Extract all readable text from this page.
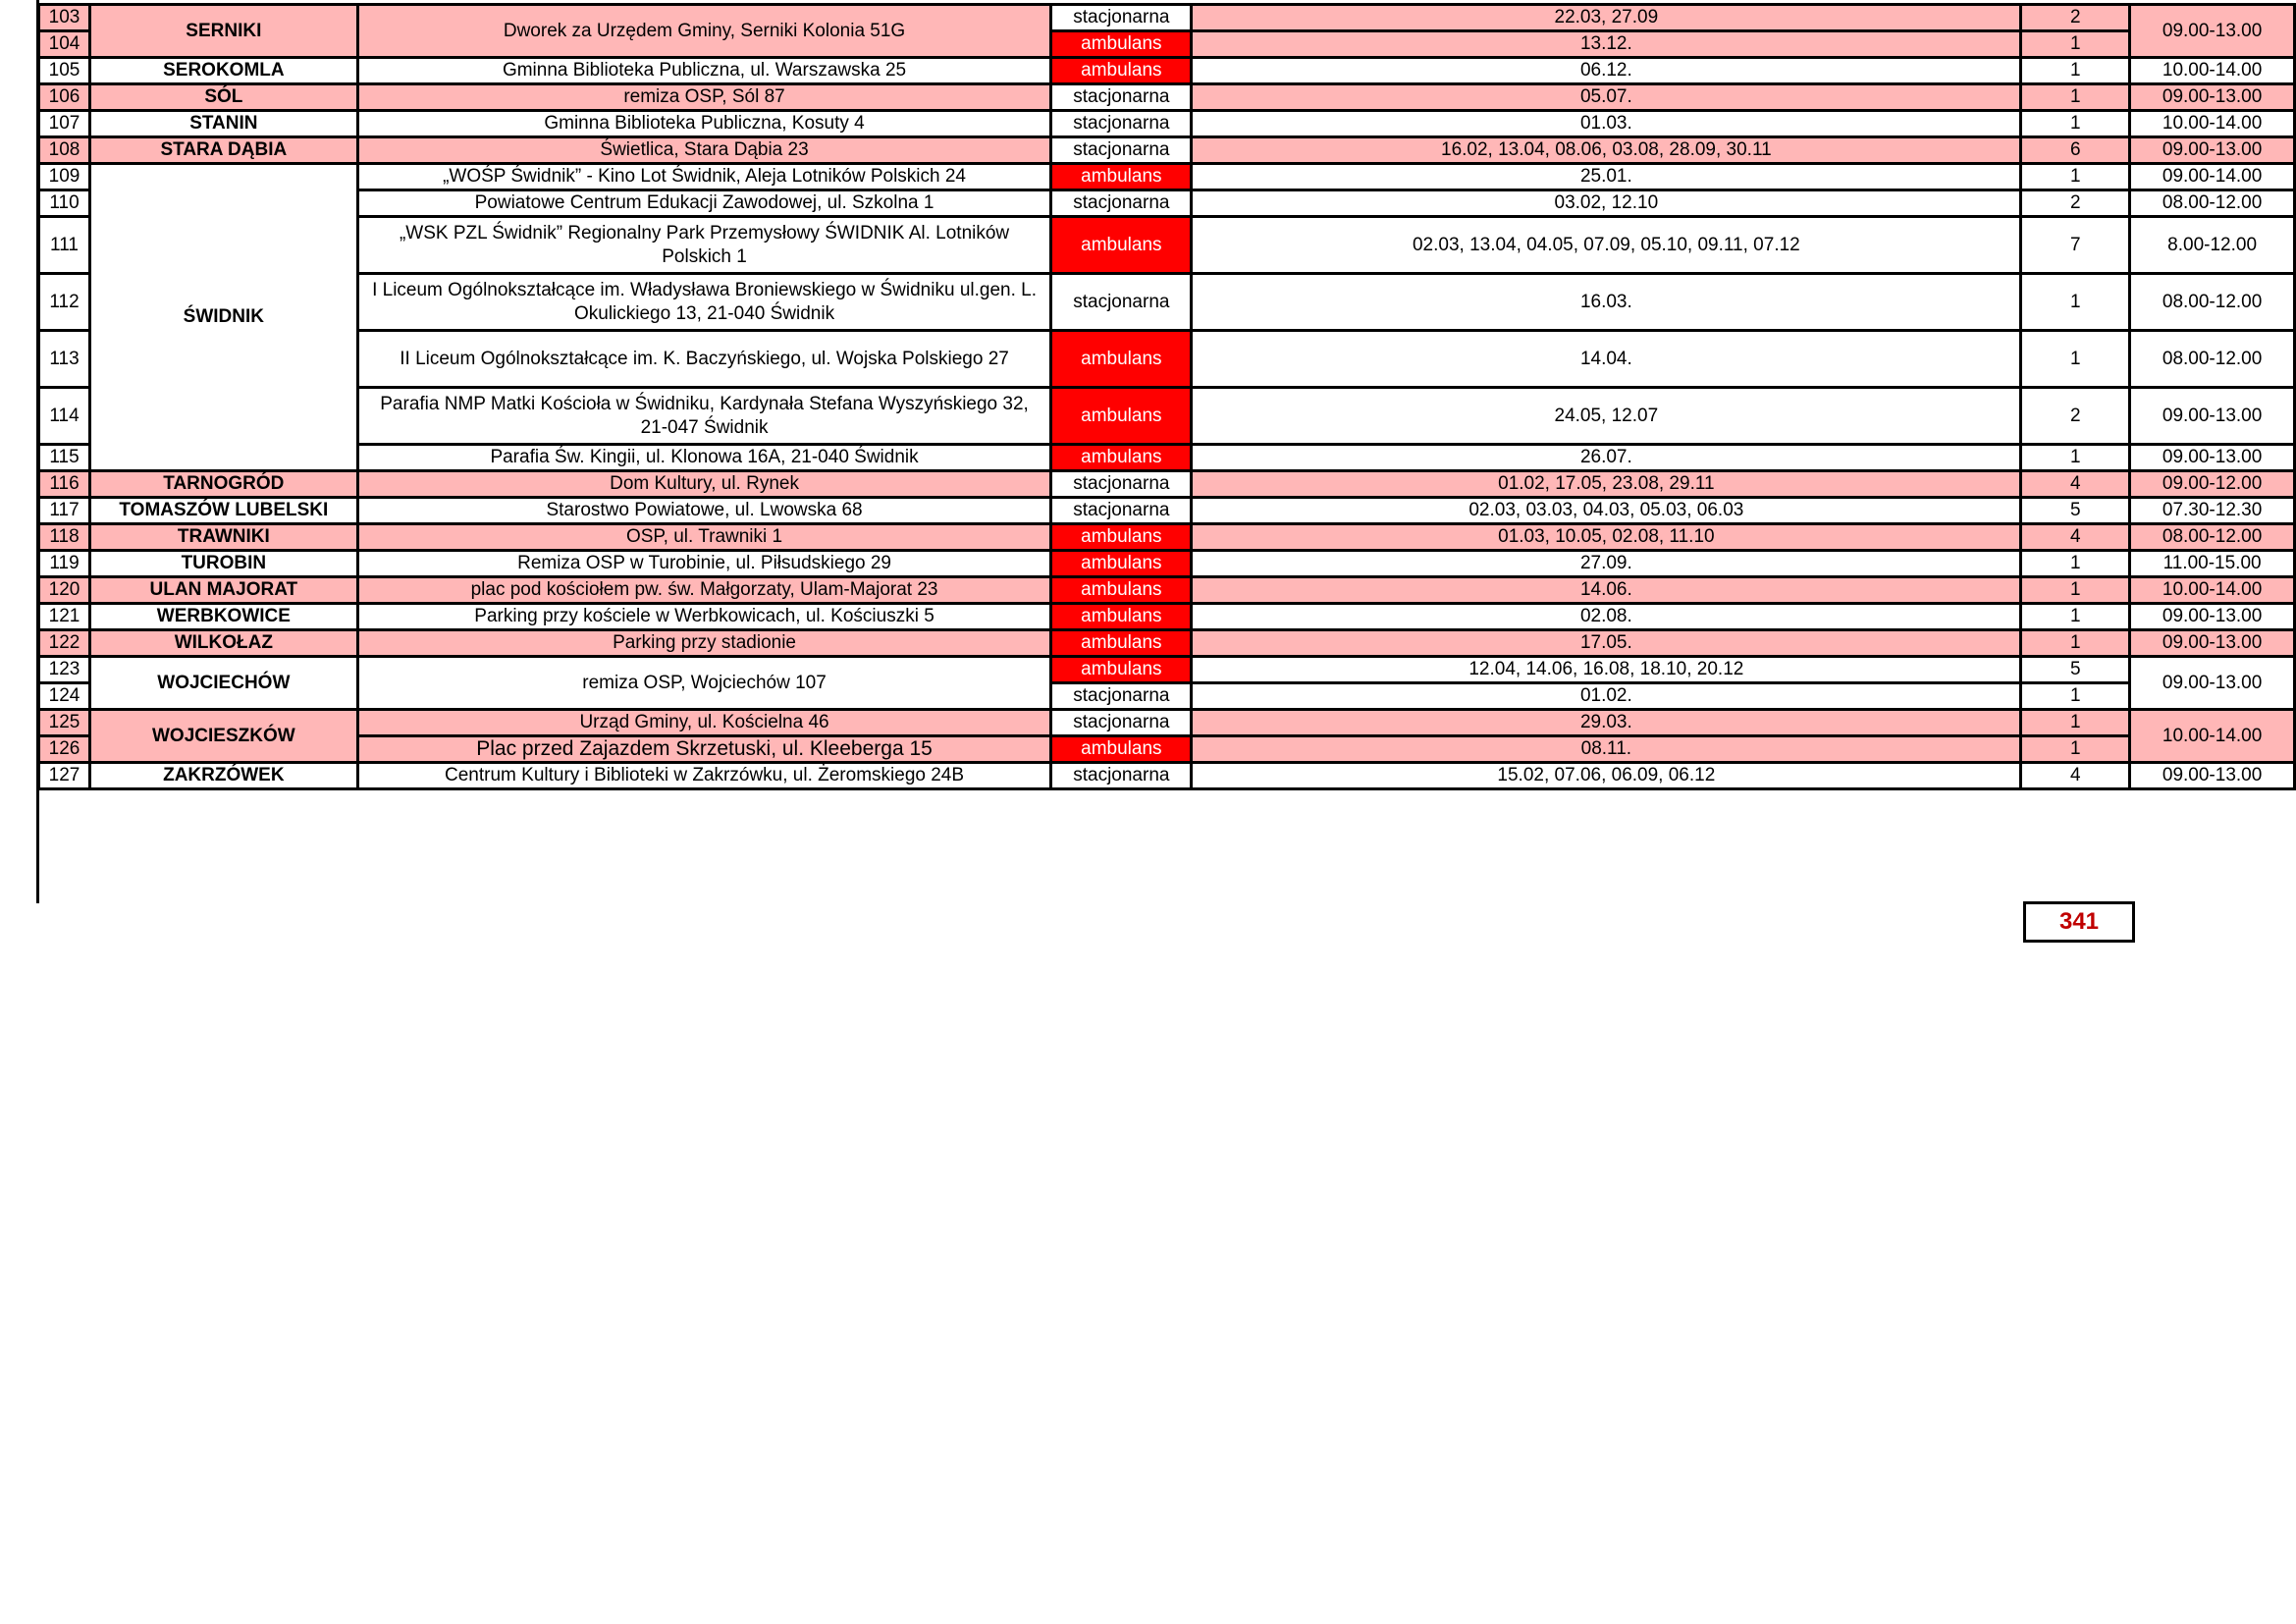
103	SERNIKI	Dworek za Urzędem Gminy, Serniki Kolonia 51G	stacjonarna	22.03, 27.09	2	09.00-13.00
104			ambulans	13.12.	1	
105	SEROKOMLA	Gminna Biblioteka Publiczna, ul. Warszawska 25	ambulans	06.12.	1	10.00-14.00
106	SÓL	remiza OSP, Sól 87	stacjonarna	05.07.	1	09.00-13.00
107	STANIN	Gminna Biblioteka Publiczna, Kosuty 4	stacjonarna	01.03.	1	10.00-14.00
108	STARA DĄBIA	Świetlica, Stara Dąbia 23	stacjonarna	16.02, 13.04, 08.06, 03.08, 28.09, 30.11	6	09.00-13.00
109	ŚWIDNIK	„WOŚP Świdnik” - Kino Lot Świdnik, Aleja Lotników Polskich 24	ambulans	25.01.	1	09.00-14.00
110		Powiatowe Centrum Edukacji Zawodowej, ul. Szkolna 1	stacjonarna	03.02, 12.10	2	08.00-12.00
111		„WSK PZL Świdnik” Regionalny Park Przemysłowy ŚWIDNIK Al. Lotników Polskich 1	ambulans	02.03, 13.04, 04.05, 07.09, 05.10, 09.11, 07.12	7	8.00-12.00
112		I Liceum Ogólnokształcące im. Władysława Broniewskiego w Świdniku ul.gen. L. Okulickiego 13, 21-040 Świdnik	stacjonarna	16.03.	1	08.00-12.00
113		II Liceum Ogólnokształcące im. K. Baczyńskiego, ul. Wojska Polskiego 27	ambulans	14.04.	1	08.00-12.00
114		Parafia NMP Matki Kościoła w Świdniku, Kardynała Stefana Wyszyńskiego 32, 21-047 Świdnik	ambulans	24.05, 12.07	2	09.00-13.00
115		Parafia Św. Kingii, ul. Klonowa 16A, 21-040 Świdnik	ambulans	26.07.	1	09.00-13.00
116	TARNOGRÓD	Dom Kultury, ul. Rynek	stacjonarna	01.02, 17.05, 23.08, 29.11	4	09.00-12.00
117	TOMASZÓW LUBELSKI	Starostwo Powiatowe, ul. Lwowska 68	stacjonarna	02.03, 03.03, 04.03, 05.03, 06.03	5	07.30-12.30
118	TRAWNIKI	OSP, ul. Trawniki 1	ambulans	01.03, 10.05, 02.08, 11.10	4	08.00-12.00
119	TUROBIN	Remiza OSP w Turobinie, ul. Piłsudskiego 29	ambulans	27.09.	1	11.00-15.00
120	ULAN MAJORAT	plac pod kościołem pw. św. Małgorzaty, Ulam-Majorat 23	ambulans	14.06.	1	10.00-14.00
121	WERBKOWICE	Parking przy kościele w Werbkowicach, ul. Kościuszki 5	ambulans	02.08.	1	09.00-13.00
122	WILKOŁAZ	Parking przy stadionie	ambulans	17.05.	1	09.00-13.00
123	WOJCIECHÓW	remiza OSP, Wojciechów 107	ambulans	12.04, 14.06, 16.08, 18.10, 20.12	5	09.00-13.00
124			stacjonarna	01.02.	1	
125	WOJCIESZKÓW	Urząd Gminy, ul. Kościelna 46	stacjonarna	29.03.	1	10.00-14.00
126		Plac przed Zajazdem Skrzetuski, ul. Kleeberga 15	ambulans	08.11.	1	
127	ZAKRZÓWEK	Centrum Kultury i Biblioteki w Zakrzówku, ul. Żeromskiego 24B	stacjonarna	15.02, 07.06, 06.09, 06.12	4	09.00-13.00
341
